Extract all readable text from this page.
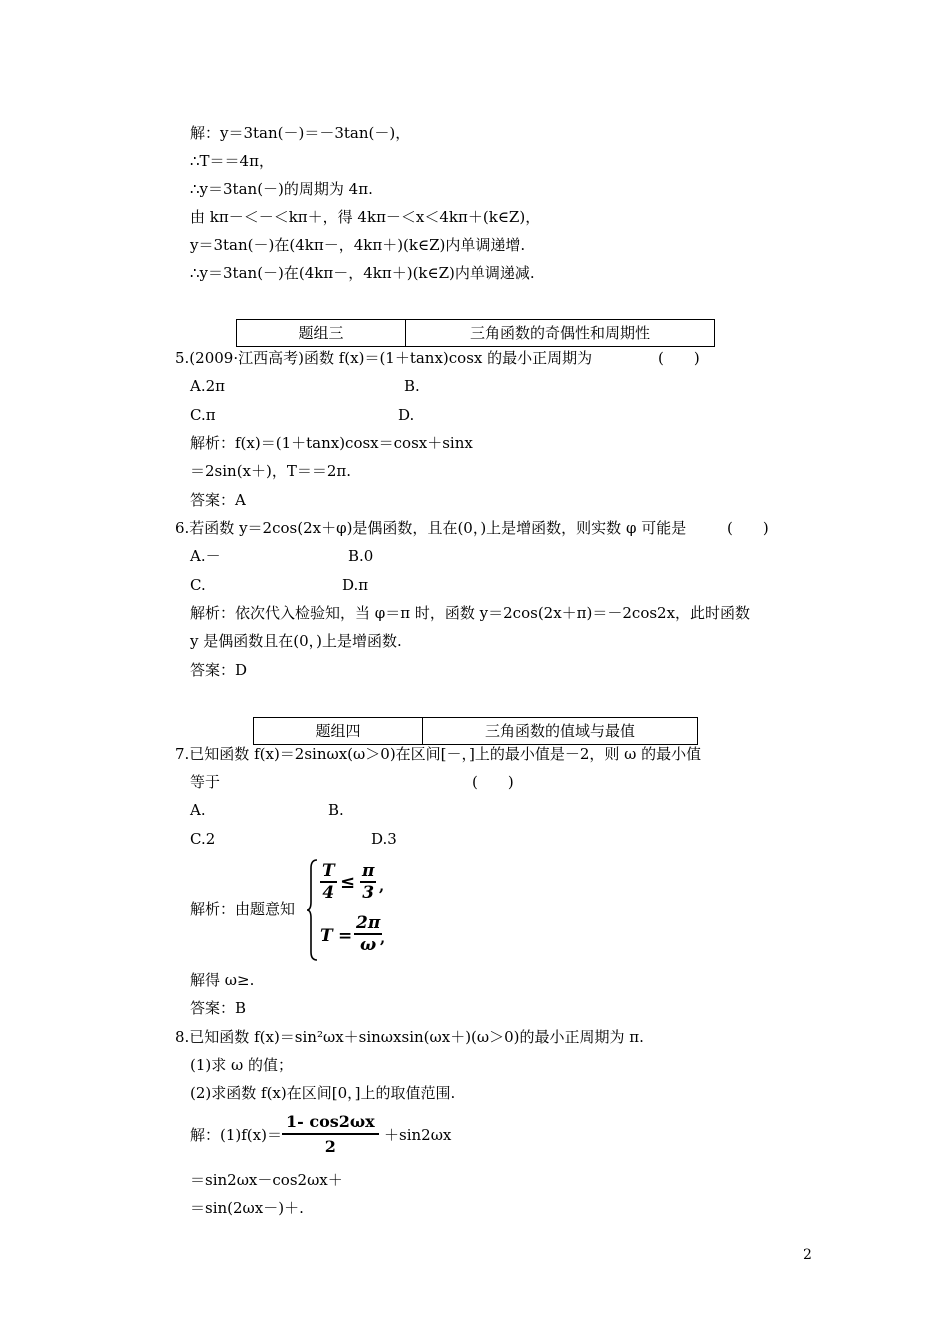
解：y＝3tan(－)＝－3tan(－)，
∴T＝＝4π，
∴y＝3tan(－)的周期为 4π.
由 kπ－＜－＜kπ＋，得 4kπ－＜x＜4kπ＋(k∈Z)，
y＝3tan(－)在(4kπ－，4kπ＋)(k∈Z)内单调递增.
∴y＝3tan(－)在(4kπ－，4kπ＋)(k∈Z)内单调递减.
题组三	三角函数的奇偶性和周期性
5.(2009·江西高考)函数 f(x)＝(1＋tanx)cosx 的最小正周期为	(　　)
A.2π	B.
C.π	D.
解析：f(x)＝(1＋tanx)cosx＝cosx＋sinx
＝2sin(x＋)，T＝＝2π.
答案：A
6.若函数 y＝2cos(2x＋φ)是偶函数，且在(0，)上是增函数，则实数 φ 可能是	(　　)
A.－	B.0
C.	D.π
解析：依次代入检验知，当 φ＝π 时，函数 y＝2cos(2x＋π)＝－2cos2x，此时函数
y 是偶函数且在(0，)上是增函数.
答案：D
题组四	三角函数的值域与最值
7.已知函数 f(x)＝2sinωx(ω＞0)在区间[－，]上的最小值是－2，则 ω 的最小值
等于	(　　)
A.	B.
C.2	D.3
解析：由题意知
$\frac{T}{4} \le \frac{\pi}{3}$ ,
$T = \frac{2\pi}{\omega}$
,
解得 ω≥.
答案：B
8.已知函数 f(x)＝sin²ωx＋sinωxsin(ωx＋)(ω＞0)的最小正周期为 π.
(1)求 ω 的值；
(2)求函数 f(x)在区间[0，]上的取值范围.
解：$(1)f(x)= \frac{1- \cos 2\omega x}{2} +\sin 2\omega x$
＝sin2ωx－cos2ωx＋
＝sin(2ωx－)＋.
2
